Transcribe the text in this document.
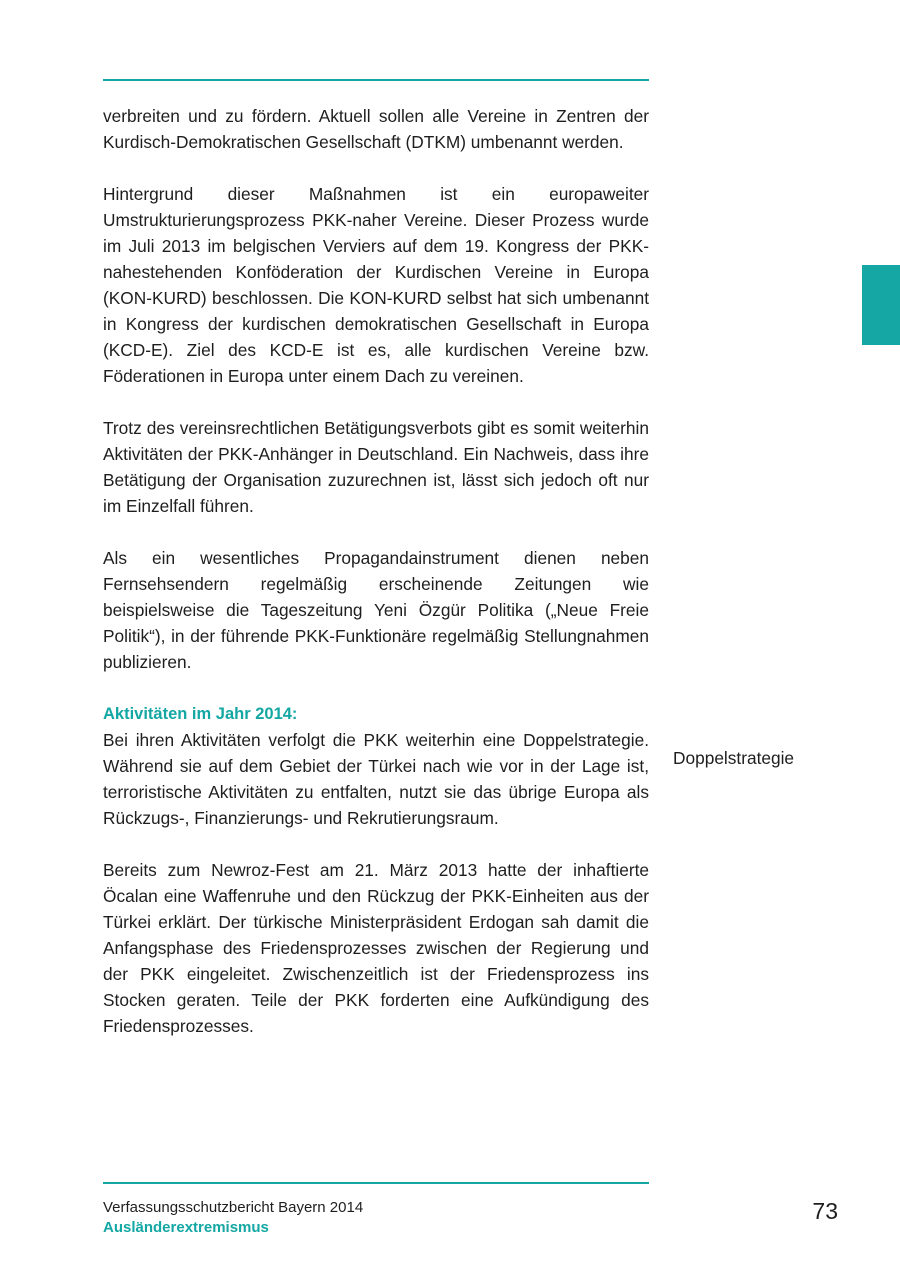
verbreiten und zu fördern. Aktuell sollen alle Vereine in Zentren der Kurdisch-Demokratischen Gesellschaft (DTKM) umbenannt werden.

Hintergrund dieser Maßnahmen ist ein europaweiter Umstrukturierungsprozess PKK-naher Vereine. Dieser Prozess wurde im Juli 2013 im belgischen Verviers auf dem 19. Kongress der PKK-nahestehenden Konföderation der Kurdischen Vereine in Europa (KON-KURD) beschlossen. Die KON-KURD selbst hat sich umbenannt in Kongress der kurdischen demokratischen Gesellschaft in Europa (KCD-E). Ziel des KCD-E ist es, alle kurdischen Vereine bzw. Föderationen in Europa unter einem Dach zu vereinen.

Trotz des vereinsrechtlichen Betätigungsverbots gibt es somit weiterhin Aktivitäten der PKK-Anhänger in Deutschland. Ein Nachweis, dass ihre Betätigung der Organisation zuzurechnen ist, lässt sich jedoch oft nur im Einzelfall führen.

Als ein wesentliches Propagandainstrument dienen neben Fernsehsendern regelmäßig erscheinende Zeitungen wie beispielsweise die Tageszeitung Yeni Özgür Politika („Neue Freie Politik“), in der führende PKK-Funktionäre regelmäßig Stellungnahmen publizieren.

Aktivitäten im Jahr 2014:

Bei ihren Aktivitäten verfolgt die PKK weiterhin eine Doppelstrategie. Während sie auf dem Gebiet der Türkei nach wie vor in der Lage ist, terroristische Aktivitäten zu entfalten, nutzt sie das übrige Europa als Rückzugs-, Finanzierungs- und Rekrutierungsraum.

Bereits zum Newroz-Fest am 21. März 2013 hatte der inhaftierte Öcalan eine Waffenruhe und den Rückzug der PKK-Einheiten aus der Türkei erklärt. Der türkische Ministerpräsident Erdogan sah damit die Anfangsphase des Friedensprozesses zwischen der Regierung und der PKK eingeleitet. Zwischenzeitlich ist der Friedensprozess ins Stocken geraten. Teile der PKK forderten eine Aufkündigung des Friedensprozesses.

Doppelstrategie
Verfassungsschutzbericht Bayern 2014
Ausländerextremismus
73
